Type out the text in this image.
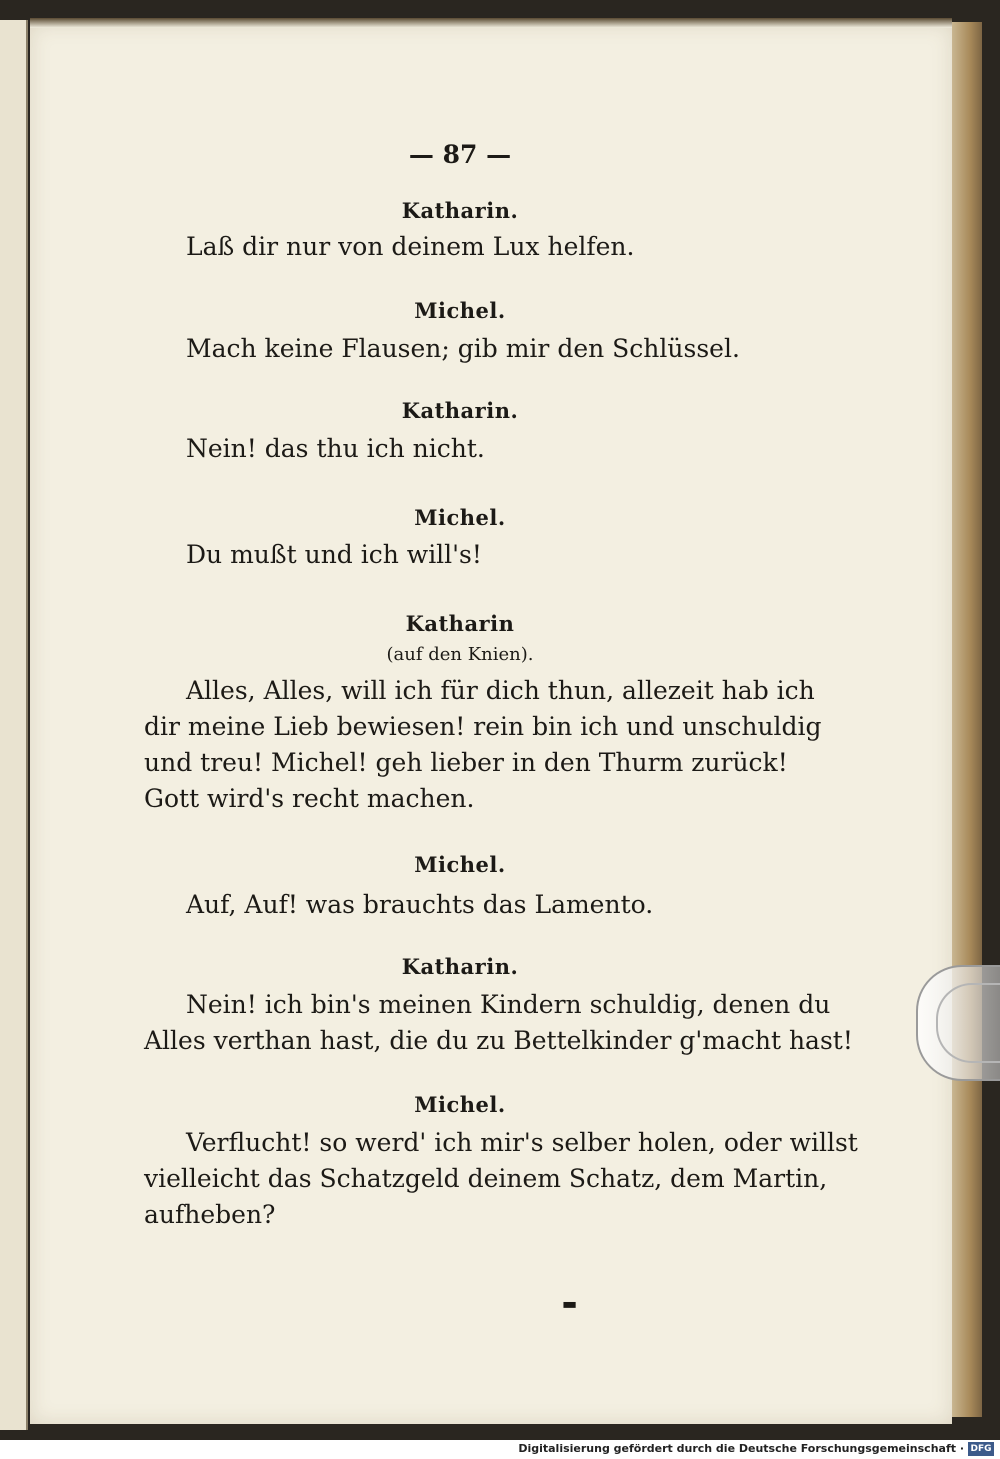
— 87 —
Katharin.
Laß dir nur von deinem Lux helfen.
Michel.
Mach keine Flausen; gib mir den Schlüssel.
Katharin.
Nein! das thu ich nicht.
Michel.
Du mußt und ich will's!
Katharin
(auf den Knien).
Alles, Alles, will ich für dich thun, allezeit hab ich
dir meine Lieb bewiesen! rein bin ich und unschuldig
und treu! Michel! geh lieber in den Thurm zurück!
Gott wird's recht machen.
Michel.
Auf, Auf! was brauchts das Lamento.
Katharin.
Nein! ich bin's meinen Kindern schuldig, denen du
Alles verthan hast, die du zu Bettelkinder g'macht hast!
Michel.
Verflucht! so werd' ich mir's selber holen, oder willst
vielleicht das Schatzgeld deinem Schatz, dem Martin,
aufheben?
▬
Digitalisierung gefördert durch die Deutsche Forschungsgemeinschaft · DFG
